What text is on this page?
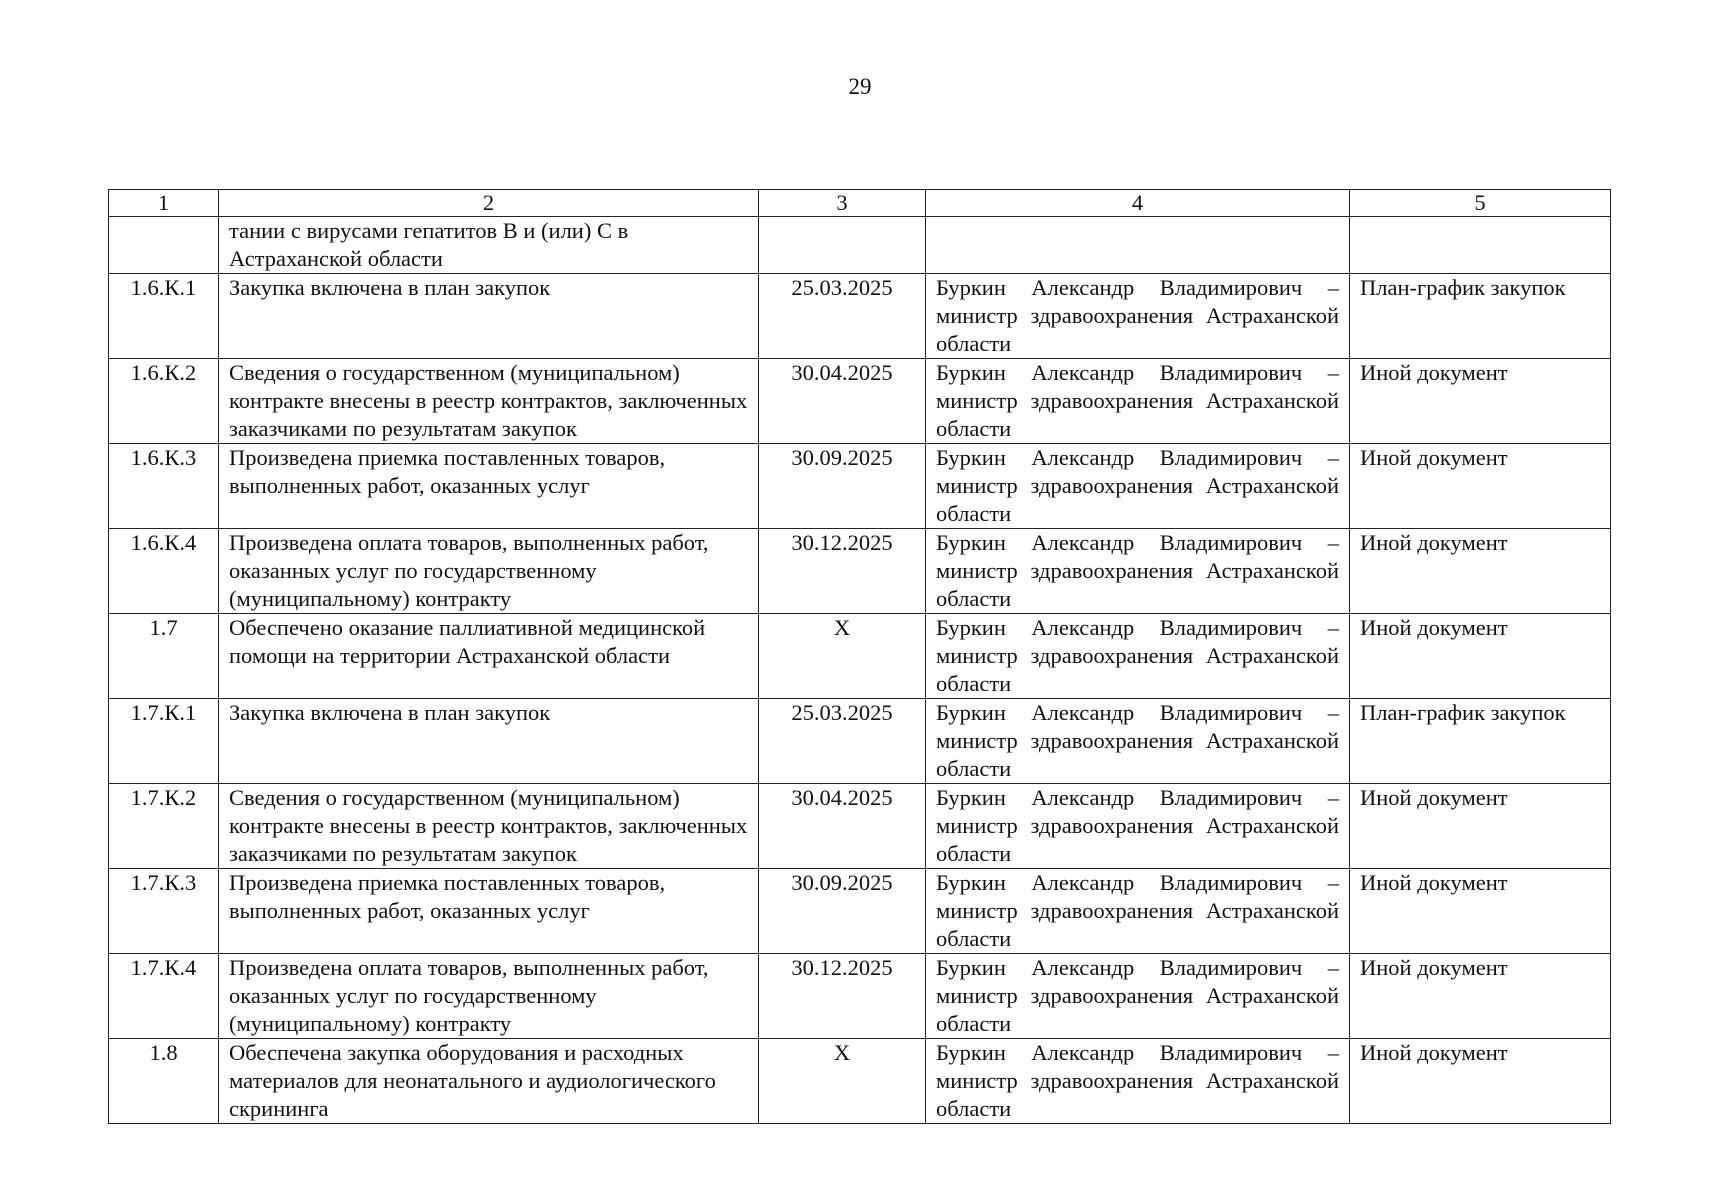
29
1	2	3	4	5
	тании с вирусами гепатитов В и (или) С в Астраханской области			
1.6.К.1	Закупка включена в план закупок	25.03.2025	Буркин Александр Владимирович – министр здравоохранения Астраханской области	План-график закупок
1.6.К.2	Сведения о государственном (муниципальном) контракте внесены в реестр контрактов, заключенных заказчиками по результатам закупок	30.04.2025	Буркин Александр Владимирович – министр здравоохранения Астраханской области	Иной документ
1.6.К.3	Произведена приемка поставленных товаров, выполненных работ, оказанных услуг	30.09.2025	Буркин Александр Владимирович – министр здравоохранения Астраханской области	Иной документ
1.6.К.4	Произведена оплата товаров, выполненных работ, оказанных услуг по государственному (муниципальному) контракту	30.12.2025	Буркин Александр Владимирович – министр здравоохранения Астраханской области	Иной документ
1.7	Обеспечено оказание паллиативной медицинской помощи на территории Астраханской области	X	Буркин Александр Владимирович – министр здравоохранения Астраханской области	Иной документ
1.7.К.1	Закупка включена в план закупок	25.03.2025	Буркин Александр Владимирович – министр здравоохранения Астраханской области	План-график закупок
1.7.К.2	Сведения о государственном (муниципальном) контракте внесены в реестр контрактов, заключенных заказчиками по результатам закупок	30.04.2025	Буркин Александр Владимирович – министр здравоохранения Астраханской области	Иной документ
1.7.К.3	Произведена приемка поставленных товаров, выполненных работ, оказанных услуг	30.09.2025	Буркин Александр Владимирович – министр здравоохранения Астраханской области	Иной документ
1.7.К.4	Произведена оплата товаров, выполненных работ, оказанных услуг по государственному (муниципальному) контракту	30.12.2025	Буркин Александр Владимирович – министр здравоохранения Астраханской области	Иной документ
1.8	Обеспечена закупка оборудования и расходных материалов для неонатального и аудиологического скрининга	X	Буркин Александр Владимирович – министр здравоохранения Астраханской области	Иной документ
